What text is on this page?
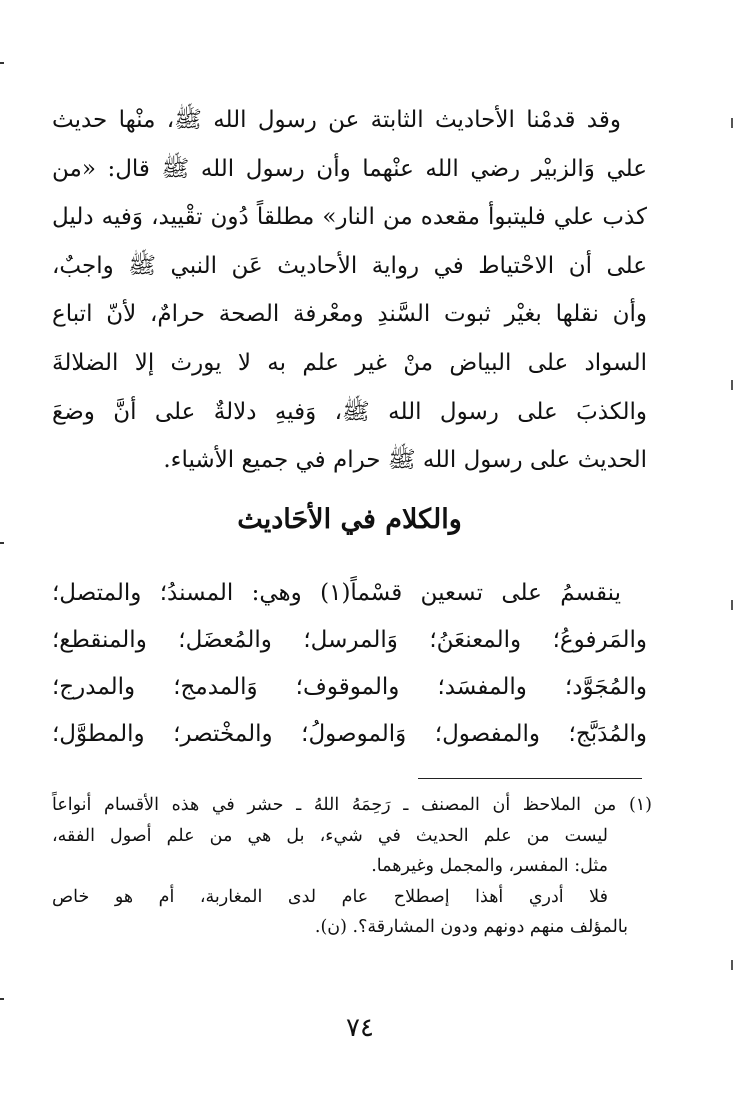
وقد قدمْنا الأحاديث الثابتة عن رسول الله ﷺ، منْها حديث
علي وَالزبيْر رضي الله عنْهما وأن رسول الله ﷺ قال: «من
كذب علي فليتبوأ مقعده من النار» مطلقاً دُون تقْييد، وَفيه دليل
على أن الاحْتياط في رواية الأحاديث عَن النبي ﷺ واجبٌ،
وأن نقلها بغيْر ثبوت السَّندِ ومعْرفة الصحة حرامٌ، لأنّ اتباع
السواد على البياض منْ غير علم به لا يورث إلا الضلالةَ
والكذبَ على رسول الله ﷺ، وَفيهِ دلالةٌ على أنَّ وضعَ
الحديث على رسول الله ﷺ حرام في جميع الأشياء.
والكلام في الأحَاديث
ينقسمُ على تسعين قسْماً(١) وهي: المسندُ؛ والمتصل؛
والمَرفوعُ؛ والمعنعَنُ؛ وَالمرسل؛ والمُعضَل؛ والمنقطع؛
والمُجَوَّد؛ والمفسَد؛ والموقوف؛ وَالمدمج؛ والمدرج؛
والمُدَبَّج؛ والمفصول؛ وَالموصولُ؛ والمخْتصر؛ والمطوَّل؛
(١) من الملاحظ أن المصنف ـ رَحِمَهُ اللهُ ـ حشر في هذه الأقسام أنواعاً
ليست من علم الحديث في شيء، بل هي من علم أصول الفقه،
مثل: المفسر، والمجمل وغيرهما.
فلا أدري أهذا إصطلاح عام لدى المغاربة، أم هو خاص
بالمؤلف منهم دونهم ودون المشارقة؟. (ن).
٧٤
